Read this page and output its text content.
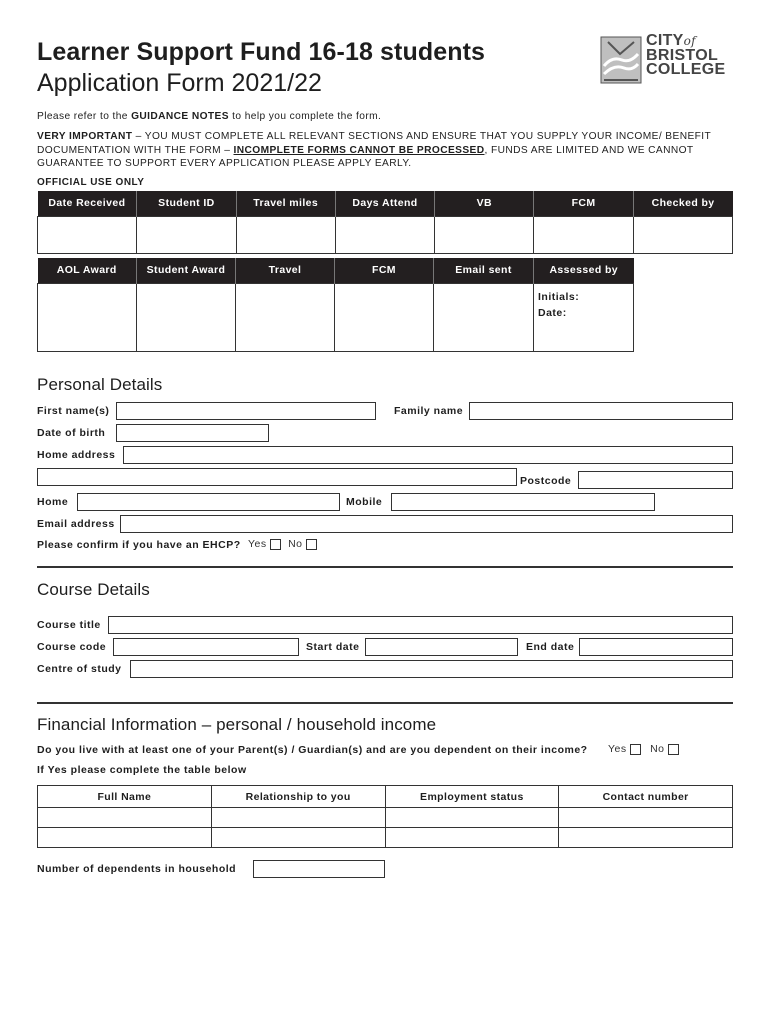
Learner Support Fund 16-18 students
Application Form 2021/22
CITYof
BRISTOL
COLLEGE
Please refer to the GUIDANCE NOTES to help you complete the form.
VERY IMPORTANT – YOU MUST COMPLETE ALL RELEVANT SECTIONS AND ENSURE THAT YOU SUPPLY YOUR INCOME/ BENEFIT DOCUMENTATION WITH THE FORM – INCOMPLETE FORMS CANNOT BE PROCESSED, FUNDS ARE LIMITED AND WE CANNOT GUARANTEE TO SUPPORT EVERY APPLICATION PLEASE APPLY EARLY.
OFFICIAL USE ONLY
Date Received	Student ID	Travel miles	Days Attend	VB	FCM	Checked by

AOL Award	Student Award	Travel	FCM	Email sent	Assessed by	

					Initials:
Date:	

Personal Details
First name(s)	Family name
Date of birth
Home address
Postcode
Home	Mobile
Email address
Please confirm if you have an EHCP? Yes No
Course Details
Course title
Course code	Start date	End date
Centre of study
Financial Information – personal / household income
Do you live with at least one of your Parent(s) / Guardian(s) and are you dependent on their income? Yes No
If Yes please complete the table below
Full Name	Relationship to you	Employment status	Contact number

Number of dependents in household
